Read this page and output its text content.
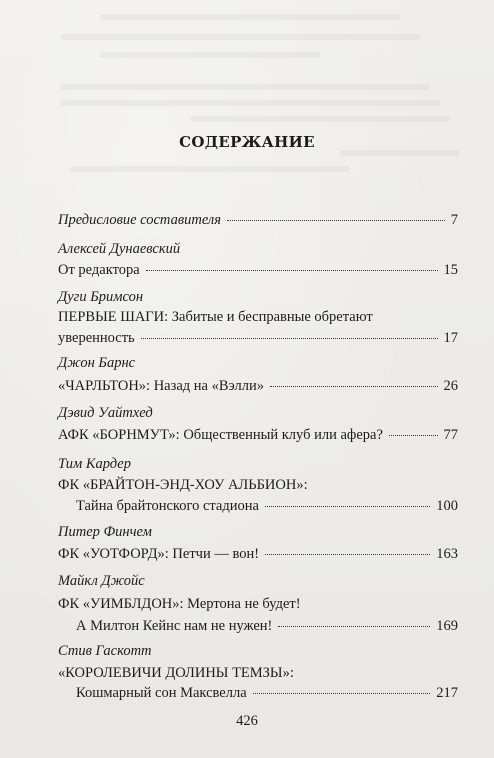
СОДЕРЖАНИЕ
Предисловие составителя	7
Алексей Дунаевский
От редактора	15
Дуги Бримсон
ПЕРВЫЕ ШАГИ: Забитые и бесправные обретают
уверенность	17
Джон Барнс
«ЧАРЛЬТОН»: Назад на «Вэлли»	26
Дэвид Уайтхед
АФК «БОРНМУТ»: Общественный клуб или афера?	77
Тим Кардер
ФК «БРАЙТОН-ЭНД-ХОУ АЛЬБИОН»:
Тайна брайтонского стадиона	100
Питер Финчем
ФК «УОТФОРД»: Петчи — вон!	163
Майкл Джойс
ФК «УИМБЛДОН»: Мертона не будет!
А Милтон Кейнс нам не нужен!	169
Стив Гаскотт
«КОРОЛЕВИЧИ ДОЛИНЫ ТЕМЗЫ»:
Кошмарный сон Максвелла	217
426
